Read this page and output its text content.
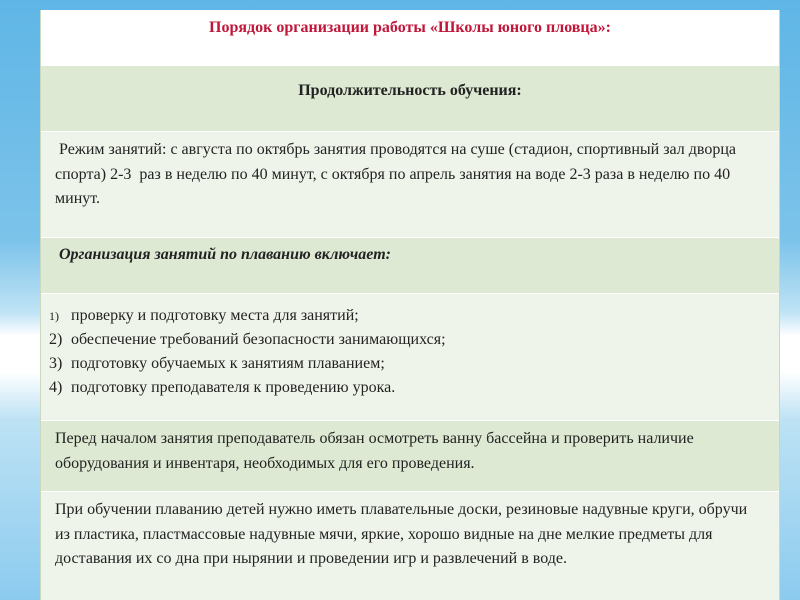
Порядок организации работы «Школы юного пловца»:
Продолжительность обучения:
Режим занятий: с августа по октябрь занятия проводятся на суше (стадион, спортивный зал дворца спорта) 2-3  раз в неделю по 40 минут, с октября по апрель занятия на воде 2-3 раза в неделю по 40 минут.
Организация занятий по плаванию включает:
1) проверку и подготовку места для занятий;
2) обеспечение требований безопасности занимающихся;
3) подготовку обучаемых к занятиям плаванием;
4) подготовку преподавателя к проведению урока.
Перед началом занятия преподаватель обязан осмотреть ванну бассейна и проверить наличие оборудования и инвентаря, необходимых для его проведения.
При обучении плаванию детей нужно иметь плавательные доски, резиновые надувные круги, обручи из пластика, пластмассовые надувные мячи, яркие, хорошо видные на дне мелкие предметы для доставания их со дна при нырянии и проведении игр и развлечений в воде.
